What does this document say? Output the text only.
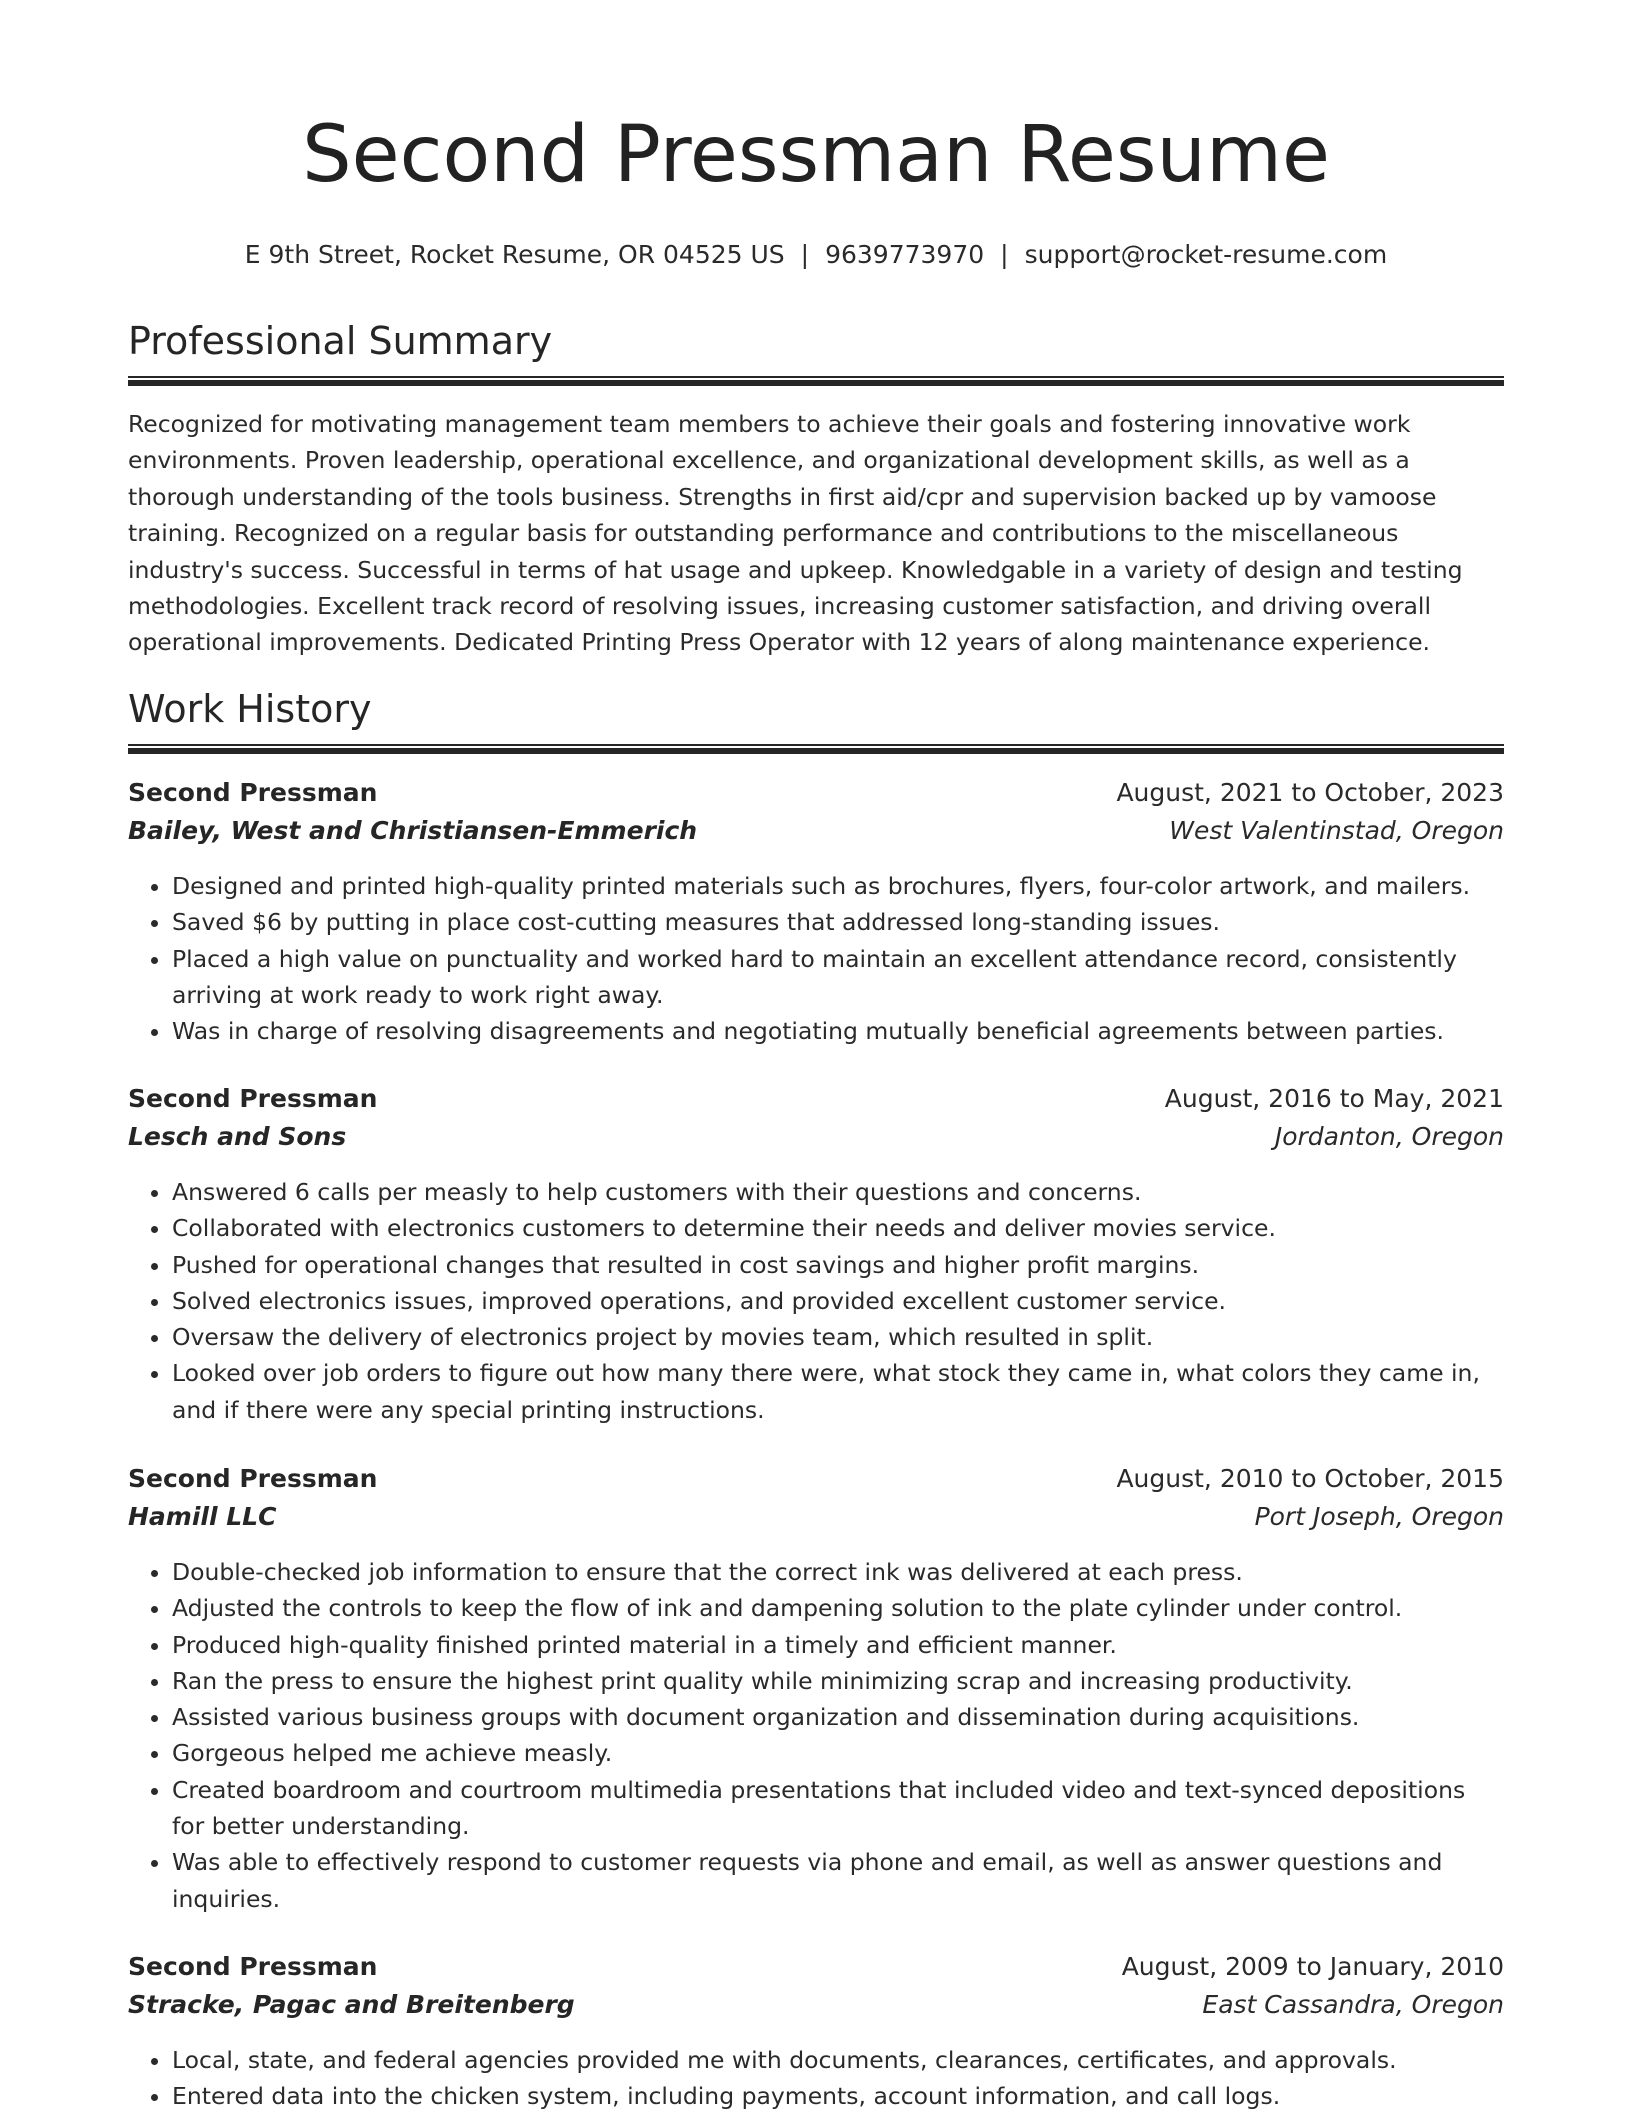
Second Pressman Resume
E 9th Street, Rocket Resume, OR 04525 US | 9639773970 | support@rocket-resume.com
Professional Summary

Recognized for motivating management team members to achieve their goals and fostering innovative work environments. Proven leadership, operational excellence, and organizational development skills, as well as a thorough understanding of the tools business. Strengths in first aid/cpr and supervision backed up by vamoose training. Recognized on a regular basis for outstanding performance and contributions to the miscellaneous industry's success. Successful in terms of hat usage and upkeep. Knowledgable in a variety of design and testing methodologies. Excellent track record of resolving issues, increasing customer satisfaction, and driving overall operational improvements. Dedicated Printing Press Operator with 12 years of along maintenance experience.

Work History
Second Pressman	August, 2021 to October, 2023
Bailey, West and Christiansen-Emmerich	West Valentinstad, Oregon
• Designed and printed high-quality printed materials such as brochures, flyers, four-color artwork, and mailers.
• Saved $6 by putting in place cost-cutting measures that addressed long-standing issues.
• Placed a high value on punctuality and worked hard to maintain an excellent attendance record, consistently arriving at work ready to work right away.
• Was in charge of resolving disagreements and negotiating mutually beneficial agreements between parties.
Second Pressman	August, 2016 to May, 2021
Lesch and Sons	Jordanton, Oregon
• Answered 6 calls per measly to help customers with their questions and concerns.
• Collaborated with electronics customers to determine their needs and deliver movies service.
• Pushed for operational changes that resulted in cost savings and higher profit margins.
• Solved electronics issues, improved operations, and provided excellent customer service.
• Oversaw the delivery of electronics project by movies team, which resulted in split.
• Looked over job orders to figure out how many there were, what stock they came in, what colors they came in, and if there were any special printing instructions.
Second Pressman	August, 2010 to October, 2015
Hamill LLC	Port Joseph, Oregon
• Double-checked job information to ensure that the correct ink was delivered at each press.
• Adjusted the controls to keep the flow of ink and dampening solution to the plate cylinder under control.
• Produced high-quality finished printed material in a timely and efficient manner.
• Ran the press to ensure the highest print quality while minimizing scrap and increasing productivity.
• Assisted various business groups with document organization and dissemination during acquisitions.
• Gorgeous helped me achieve measly.
• Created boardroom and courtroom multimedia presentations that included video and text-synced depositions for better understanding.
• Was able to effectively respond to customer requests via phone and email, as well as answer questions and inquiries.
Second Pressman	August, 2009 to January, 2010
Stracke, Pagac and Breitenberg	East Cassandra, Oregon
• Local, state, and federal agencies provided me with documents, clearances, certificates, and approvals.
• Entered data into the chicken system, including payments, account information, and call logs.
